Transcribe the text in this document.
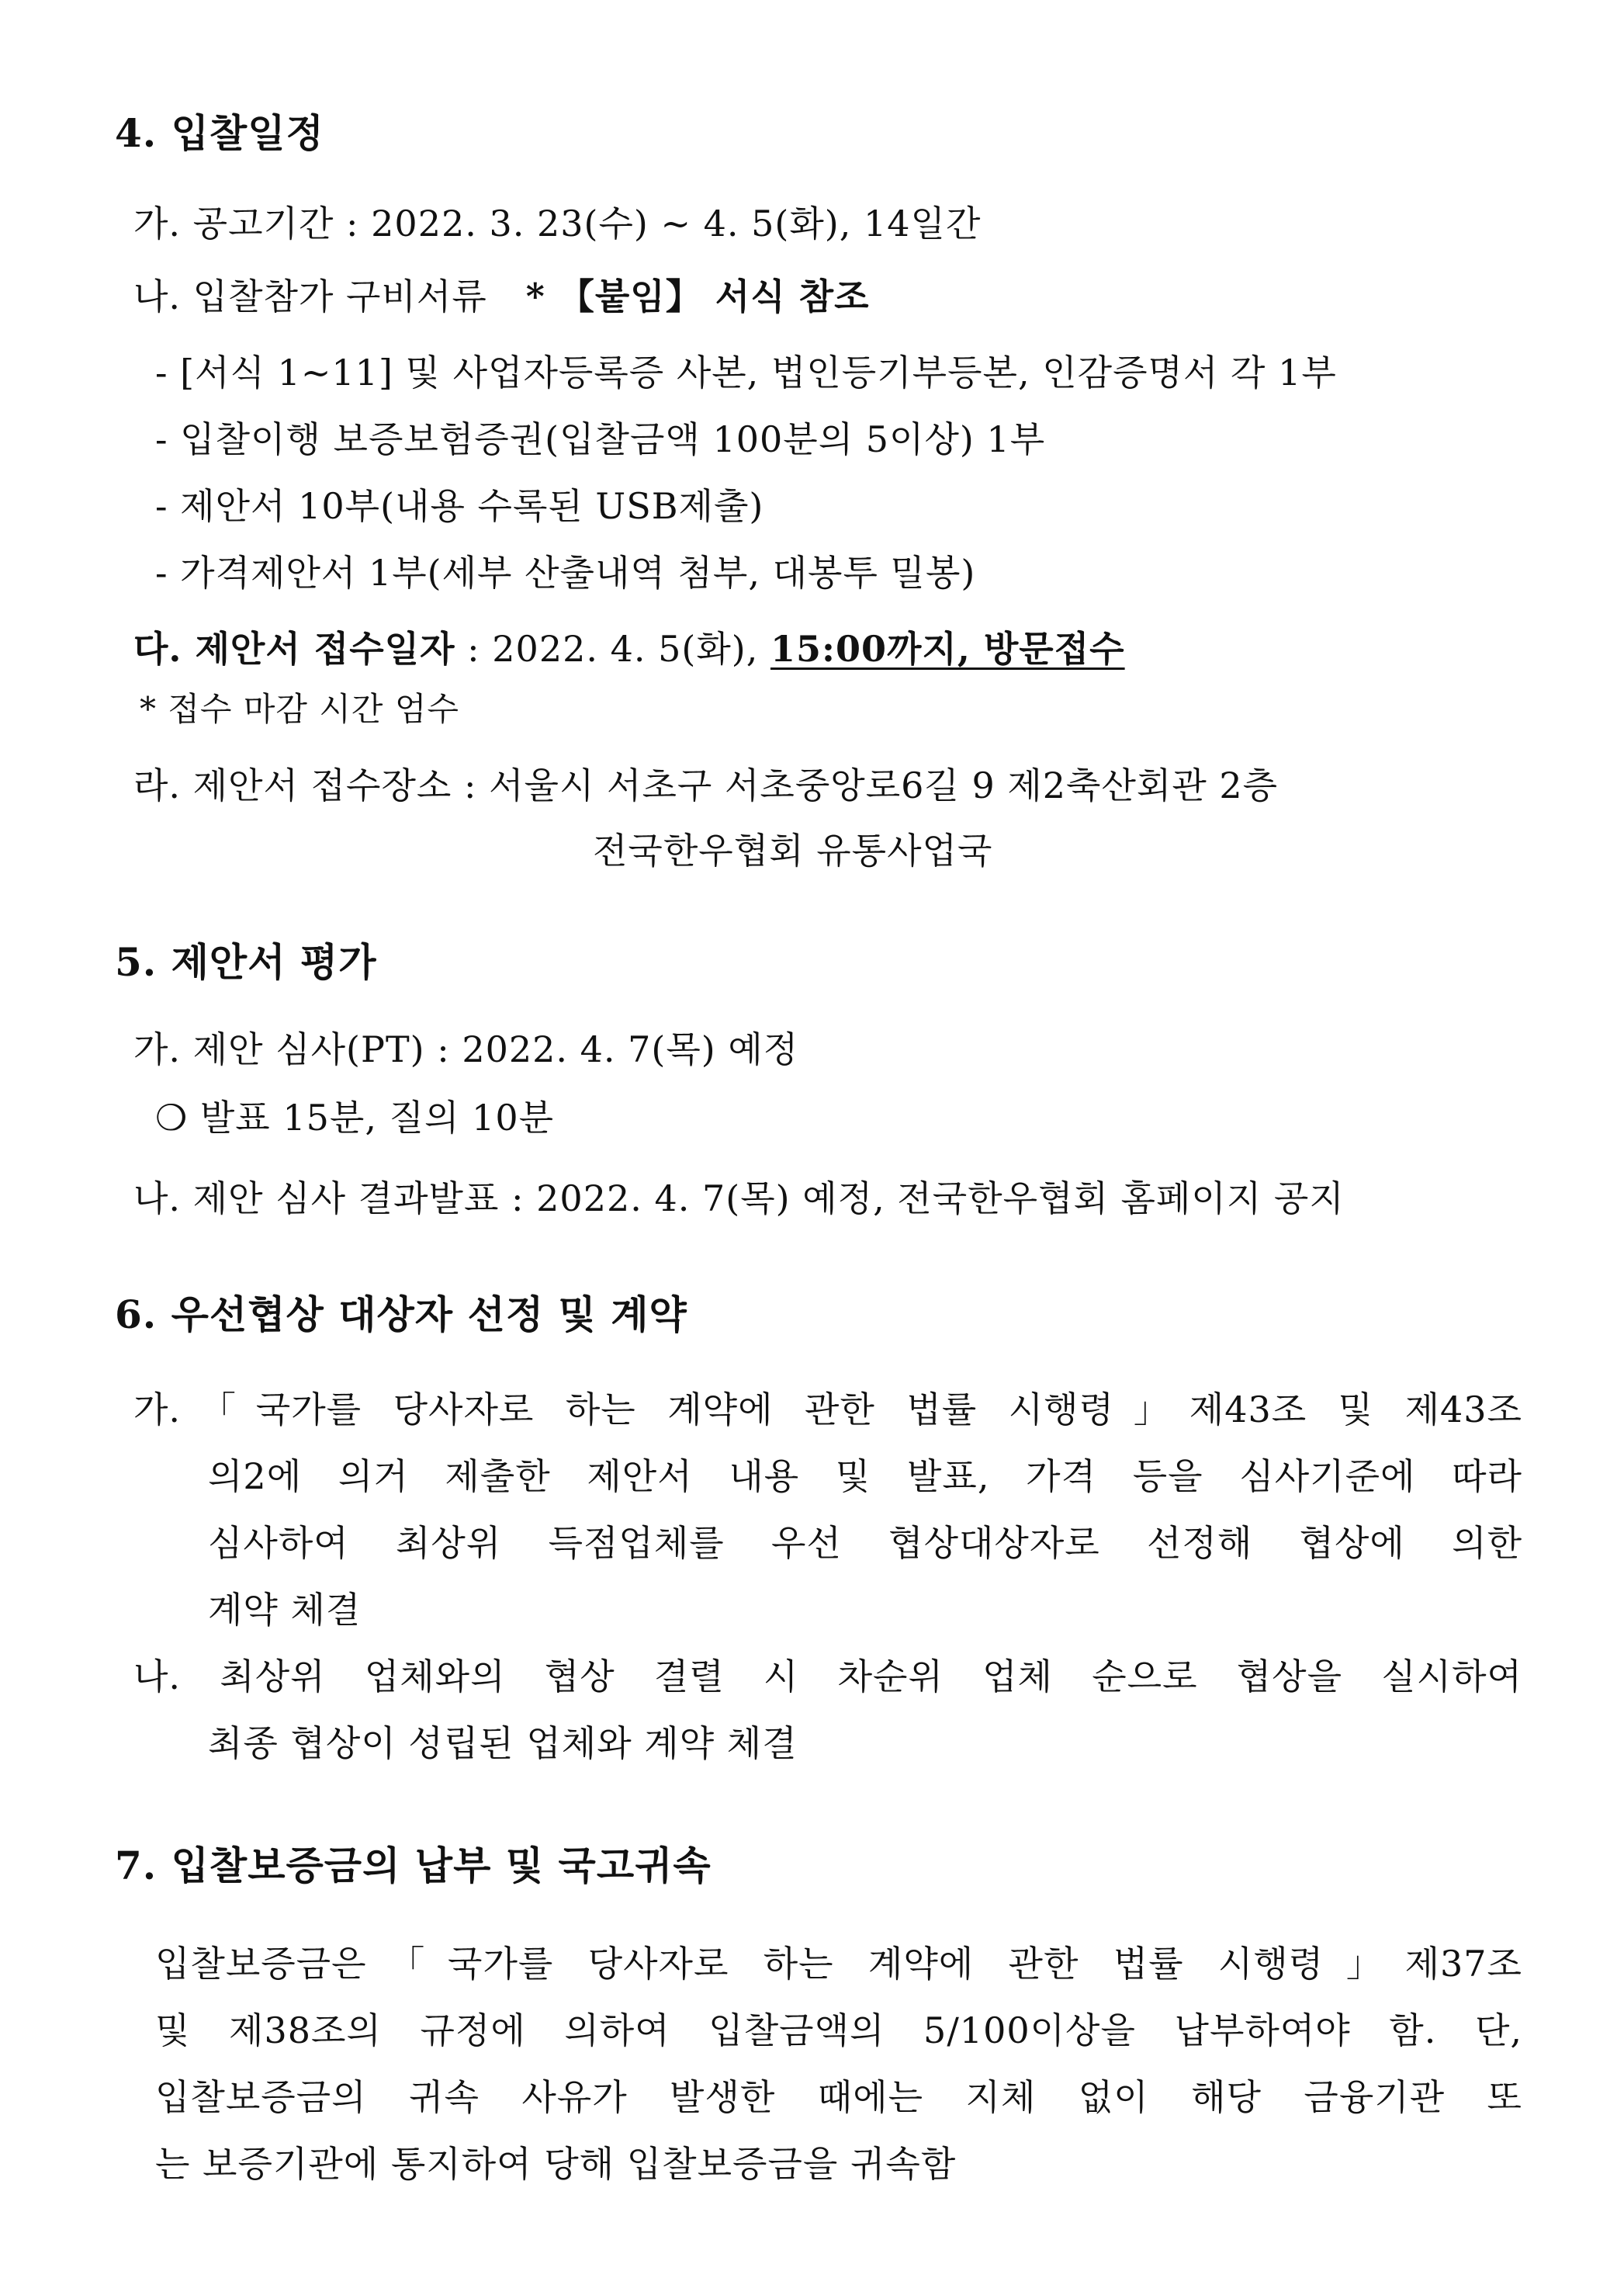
4. 입찰일정
가. 공고기간 : 2022. 3. 23(수) ~ 4. 5(화), 14일간
나. 입찰참가 구비서류 * 【붙임】 서식 참조
- [서식 1~11] 및 사업자등록증 사본, 법인등기부등본, 인감증명서 각 1부
- 입찰이행 보증보험증권(입찰금액 100분의 5이상) 1부
- 제안서 10부(내용 수록된 USB제출)
- 가격제안서 1부(세부 산출내역 첨부, 대봉투 밀봉)
다. 제안서 접수일자 : 2022. 4. 5(화), 15:00까지, 방문접수
* 접수 마감 시간 엄수
라. 제안서 접수장소 : 서울시 서초구 서초중앙로6길 9 제2축산회관 2층
전국한우협회 유통사업국
5. 제안서 평가
가. 제안 심사(PT) : 2022. 4. 7(목) 예정
❍ 발표 15분, 질의 10분
나. 제안 심사 결과발표 : 2022. 4. 7(목) 예정, 전국한우협회 홈페이지 공지
6. 우선협상 대상자 선정 및 계약
가.「국가를 당사자로 하는 계약에 관한 법률 시행령」제43조 및 제43조
의2에 의거 제출한 제안서 내용 및 발표, 가격 등을 심사기준에 따라
심사하여 최상위 득점업체를 우선 협상대상자로 선정해 협상에 의한
계약 체결
나. 최상위 업체와의 협상 결렬 시 차순위 업체 순으로 협상을 실시하여
최종 협상이 성립된 업체와 계약 체결
7. 입찰보증금의 납부 및 국고귀속
입찰보증금은「국가를 당사자로 하는 계약에 관한 법률 시행령」제37조
및 제38조의 규정에 의하여 입찰금액의 5/100이상을 납부하여야 함. 단,
입찰보증금의 귀속 사유가 발생한 때에는 지체 없이 해당 금융기관 또
는 보증기관에 통지하여 당해 입찰보증금을 귀속함
